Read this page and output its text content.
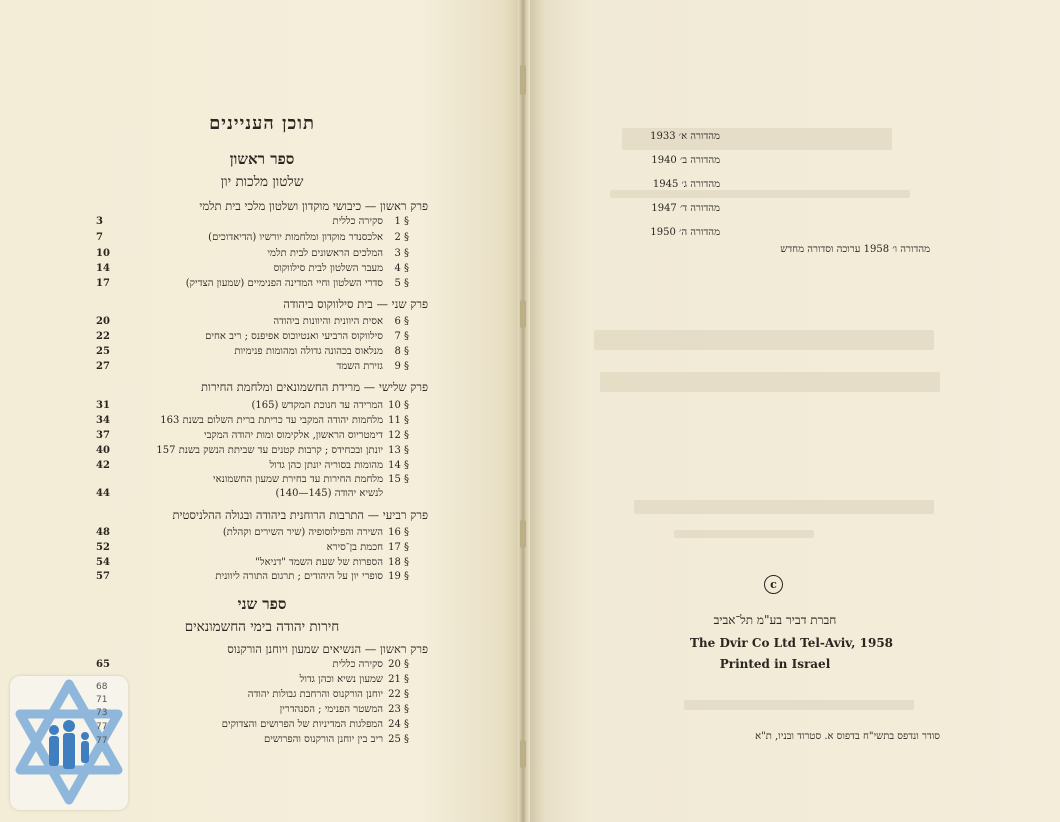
תוכן העניינים
ספר ראשון
שלטון מלכות יון
פרק ראשון — כיבושי מוקדון ושלטון מלכי בית תלמי
§ 1
סקירה כללית
3
§ 2
אלכסנדר מוקדון ומלחמות יורשיו (הדיאדוכים)
7
§ 3
המלכים הראשונים לבית תלמי
10
§ 4
מעבר השלטון לבית סילווקוס
14
§ 5
סדרי השלטון וחיי המדינה הפנימיים (שמעון הצדיק)
17
פרק שני — בית סילווקוס ביהודה
§ 6
אסית היוונית והיוונות ביהודה
20
§ 7
סילווקוס הרביעי ואנטיוכוס אפיפנס ; ריב אחים
22
§ 8
מנלאוס בכהונה גדולה ומהומות פנימיות
25
§ 9
גזירת השמד
27
פרק שלישי — מרידת החשמונאים ומלחמת החירות
§ 10
המרידה עד חנוכת המקדש (165)
31
§ 11
מלחמות יהודה המקבי עד כריתת ברית השלום בשנת 163
34
§ 12
דימטריוס הראשון, אלקימוס ומות יהודה המקבי
37
§ 13
יונתן ובכחידס ; קרבות קטנים עד שביתת הנשק בשנת 157
40
§ 14
מהומות בסוריה יונתן כהן גדול
42
§ 15
מלחמת החירות עד בחירת שמעון החשמונאי
לנשיא יהודה (145—140)
44
פרק רביעי — התרבות הרוחנית ביהודה ובגולה ההלניסטית
§ 16
השירה והפילוסופיה (שיר השירים וקהלת)
48
§ 17
חכמת בן־סירא
52
§ 18
הספרות של שעת השמד "דניאל"
54
§ 19
סופרי יון על היהודים ; תרגום התורה ליוונית
57
ספר שני
חירות יהודה בימי החשמונאים
פרק ראשון — הנשיאים שמעון ויוחנן הורקנוס
§ 20
סקירה כללית
65
§ 21
שמעון נשיא וכהן גדול
§ 22
יוחנן הורקנוס והרחבת גבולות יהודה
§ 23
המשטר הפנימי ; הסנהדרין
§ 24
המפלגות המדיניות של הפרושים והצדוקים
§ 25
ריב בין יוחנן הורקנוס והפרושים
מהדורה א׳ 1933
מהדורה ב׳ 1940
מהדורה ג׳ 1945
מהדורה ד׳ 1947
מהדורה ה׳ 1950
מהדורה ו׳ 1958 ערוכה וסדורה מחדש
c
חברת דביר בע"מ תל־אביב
The Dvir Co Ltd Tel-Aviv, 1958
Printed in Israel
סודר ונדפס בתשי"ח בדפוס א. סטרוד ובניו, ת"א
68
71
73
77
77
